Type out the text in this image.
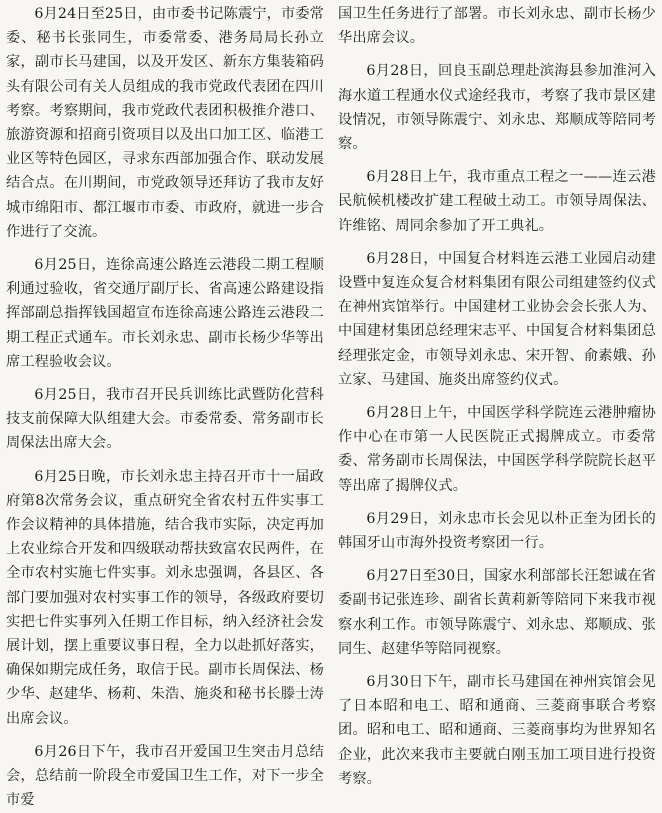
6月24日至25日，由市委书记陈震宁，市委常委、秘书长张同生，市委常委、港务局局长孙立家，副市长马建国，以及开发区、新东方集装箱码头有限公司有关人员组成的我市党政代表团在四川考察。考察期间，我市党政代表团积极推介港口、旅游资源和招商引资项目以及出口加工区、临港工业区等特色园区，寻求东西部加强合作、联动发展结合点。在川期间，市党政领导还拜访了我市友好城市绵阳市、都江堰市市委、市政府，就进一步合作进行了交流。

6月25日，连徐高速公路连云港段二期工程顺利通过验收，省交通厅副厅长、省高速公路建设指挥部副总指挥钱国超宣布连徐高速公路连云港段二期工程正式通车。市长刘永忠、副市长杨少华等出席工程验收会议。

6月25日，我市召开民兵训练比武暨防化营科技支前保障大队组建大会。市委常委、常务副市长周保法出席大会。

6月25日晚，市长刘永忠主持召开市十一届政府第8次常务会议，重点研究全省农村五件实事工作会议精神的具体措施，结合我市实际，决定再加上农业综合开发和四级联动帮扶致富农民两件，在全市农村实施七件实事。刘永忠强调，各县区、各部门要加强对农村实事工作的领导，各级政府要切实把七件实事列入任期工作目标，纳入经济社会发展计划，摆上重要议事日程，全力以赴抓好落实，确保如期完成任务，取信于民。副市长周保法、杨少华、赵建华、杨莉、朱浩、施炎和秘书长滕士涛出席会议。

6月26日下午，我市召开爱国卫生突击月总结会，总结前一阶段全市爱国卫生工作，对下一步全市爱

国卫生任务进行了部署。市长刘永忠、副市长杨少华出席会议。

6月28日，回良玉副总理赴滨海县参加淮河入海水道工程通水仪式途经我市，考察了我市景区建设情况，市领导陈震宁、刘永忠、郑顺成等陪同考察。

6月28日上午，我市重点工程之一——连云港民航候机楼改扩建工程破土动工。市领导周保法、许维铭、周同余参加了开工典礼。

6月28日，中国复合材料连云港工业园启动建设暨中复连众复合材料集团有限公司组建签约仪式在神州宾馆举行。中国建材工业协会会长张人为、中国建材集团总经理宋志平、中国复合材料集团总经理张定金，市领导刘永忠、宋开智、俞素娥、孙立家、马建国、施炎出席签约仪式。

6月28日上午，中国医学科学院连云港肿瘤协作中心在市第一人民医院正式揭牌成立。市委常委、常务副市长周保法，中国医学科学院院长赵平等出席了揭牌仪式。

6月29日，刘永忠市长会见以朴正奎为团长的韩国牙山市海外投资考察团一行。

6月27日至30日，国家水利部部长汪恕诚在省委副书记张连珍、副省长黄莉新等陪同下来我市视察水利工作。市领导陈震宁、刘永忠、郑顺成、张同生、赵建华等陪同视察。

6月30日下午，副市长马建国在神州宾馆会见了日本昭和电工、昭和通商、三菱商事联合考察团。昭和电工、昭和通商、三菱商事均为世界知名企业，此次来我市主要就白刚玉加工项目进行投资考察。
